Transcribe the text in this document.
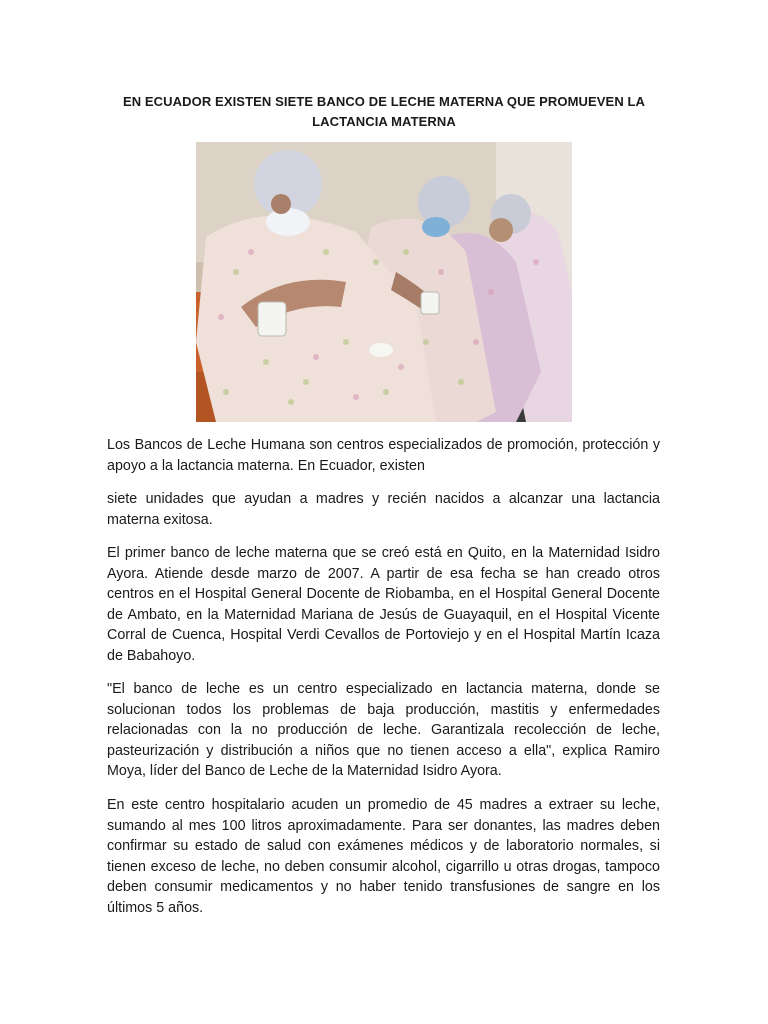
EN ECUADOR EXISTEN SIETE BANCO DE LECHE MATERNA QUE PROMUEVEN LA LACTANCIA MATERNA

Los Bancos de Leche Humana son centros especializados de promoción, protección y apoyo a la lactancia materna. En Ecuador, existen

siete unidades que ayudan a madres y recién nacidos a alcanzar una lactancia materna exitosa.

El primer banco de leche materna que se creó está en Quito, en la Maternidad Isidro Ayora. Atiende desde marzo de 2007. A partir de esa fecha se han creado otros centros en el Hospital General Docente de Riobamba, en el Hospital General Docente de Ambato, en la Maternidad Mariana de Jesús de Guayaquil, en el Hospital Vicente Corral de Cuenca, Hospital Verdi Cevallos de Portoviejo y en el Hospital Martín Icaza de Babahoyo.

"El banco de leche es un centro especializado en lactancia materna, donde se solucionan todos los problemas de baja producción, mastitis y enfermedades relacionadas con la no producción de leche. Garantizala recolección de leche, pasteurización y distribución a niños que no tienen acceso a ella", explica Ramiro Moya, líder del Banco de Leche de la Maternidad Isidro Ayora.

En este centro hospitalario acuden un promedio de 45 madres a extraer su leche, sumando al mes 100 litros aproximadamente. Para ser donantes, las madres deben confirmar su estado de salud con exámenes médicos y de laboratorio normales, si tienen exceso de leche, no deben consumir alcohol, cigarrillo u otras drogas, tampoco deben consumir medicamentos y no haber tenido transfusiones de sangre en los últimos 5 años.
